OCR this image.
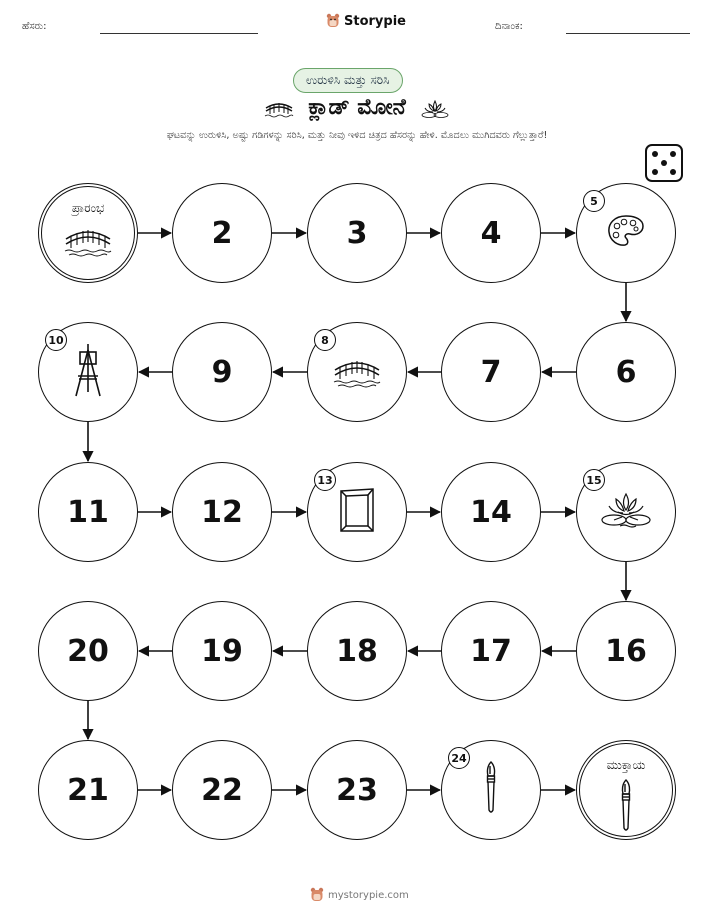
ಹೆಸರು:	Storypie	ದಿನಾಂಕ:
ಉರುಳಿಸಿ ಮತ್ತು ಸರಿಸಿ
ಕ್ಲಾಡ್ ಮೋನೆ
ಘಟವನ್ನು ಉರುಳಿಸಿ, ಅಷ್ಟು ಗಡಿಗಳನ್ನು ಸರಿಸಿ, ಮತ್ತು ನೀವು ಇಳಿದ ಚಿತ್ರದ ಹೆಸರನ್ನು ಹೇಳಿ. ಮೊದಲು ಮುಗಿದವರು ಗೆಲ್ಲುತ್ತಾರೆ!
ಪ್ರಾರಂಭ
2	3	4
5
6
7
8
9
10
11	12
13
14
15
16
17
18
19
20
21	22	23
24	ಮುಕ್ತಾಯ
mystorypie.com
